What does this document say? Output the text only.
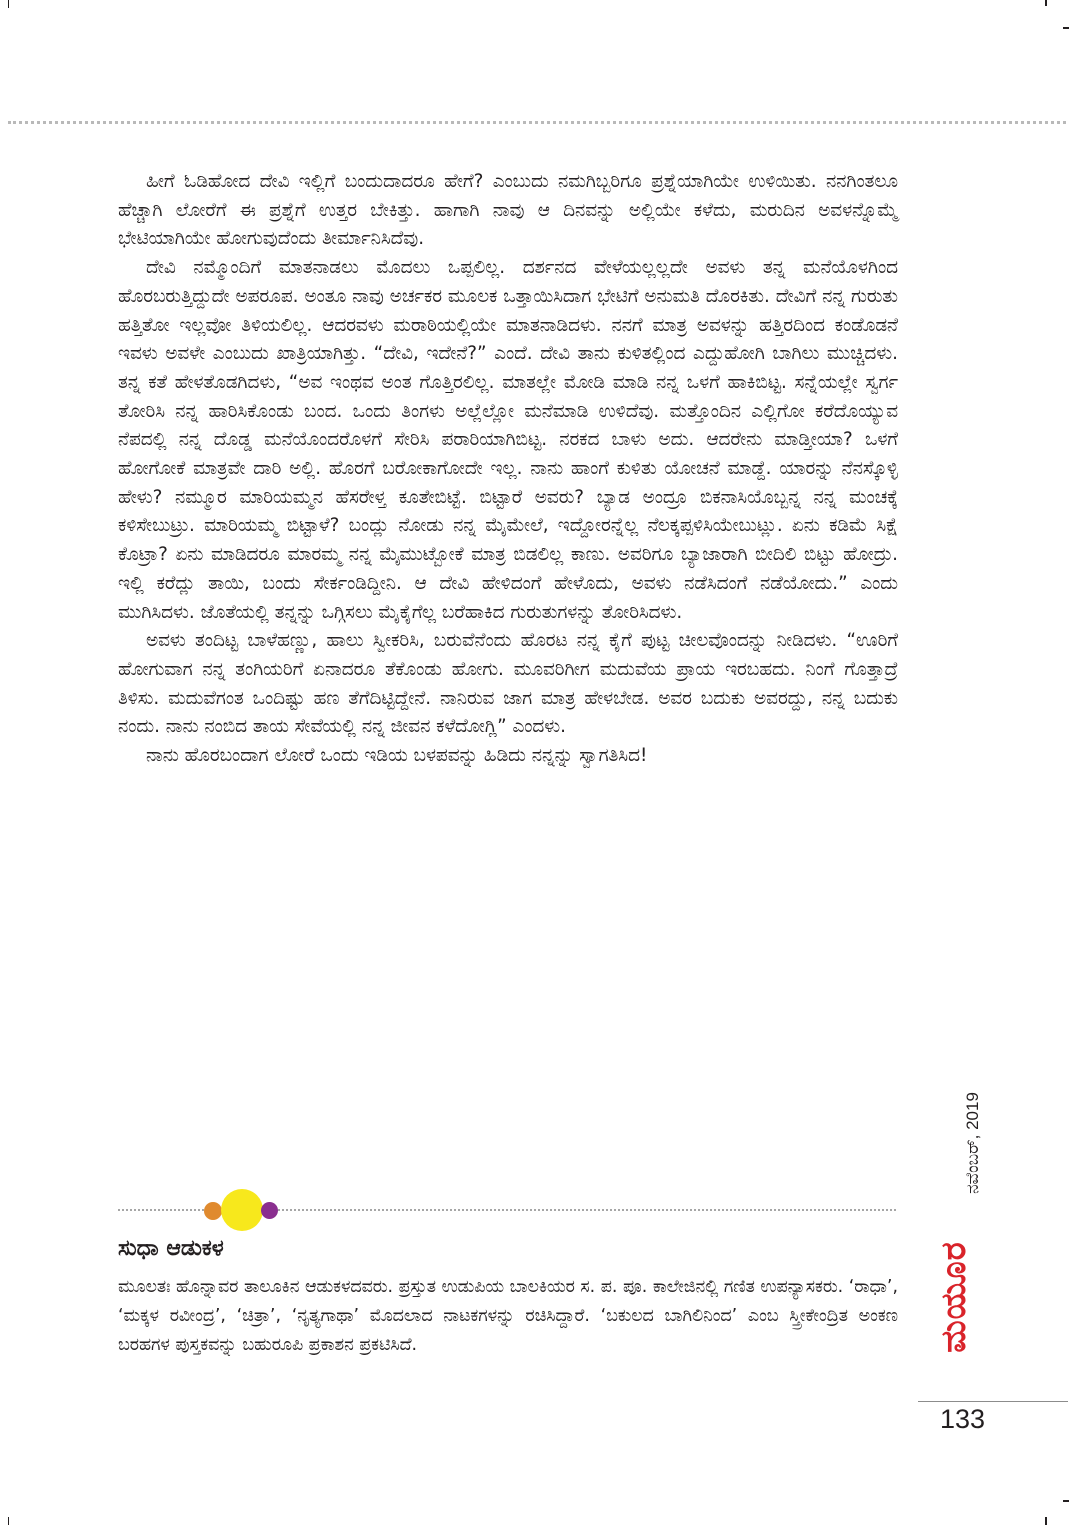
ಹೀಗೆ ಓಡಿಹೋದ ದೇವಿ ಇಲ್ಲಿಗೆ ಬಂದುದಾದರೂ ಹೇಗೆ? ಎಂಬುದು ನಮಗಿಬ್ಬರಿಗೂ ಪ್ರಶ್ನೆಯಾಗಿಯೇ ಉಳಿಯಿತು. ನನಗಿಂತಲೂ ಹೆಚ್ಚಾಗಿ ಲೋರೆಗೆ ಈ ಪ್ರಶ್ನೆಗೆ ಉತ್ತರ ಬೇಕಿತ್ತು. ಹಾಗಾಗಿ ನಾವು ಆ ದಿನವನ್ನು ಅಲ್ಲಿಯೇ ಕಳೆದು, ಮರುದಿನ ಅವಳನ್ನೊಮ್ಮೆ ಭೇಟಿಯಾಗಿಯೇ ಹೋಗುವುದೆಂದು ತೀರ್ಮಾನಿಸಿದೆವು.

ದೇವಿ ನಮ್ಮೊಂದಿಗೆ ಮಾತನಾಡಲು ಮೊದಲು ಒಪ್ಪಲಿಲ್ಲ. ದರ್ಶನದ ವೇಳೆಯಲ್ಲಲ್ಲದೇ ಅವಳು ತನ್ನ ಮನೆಯೊಳಗಿಂದ ಹೊರಬರುತ್ತಿದ್ದುದೇ ಅಪರೂಪ. ಅಂತೂ ನಾವು ಅರ್ಚಕರ ಮೂಲಕ ಒತ್ತಾಯಿಸಿದಾಗ ಭೇಟಿಗೆ ಅನುಮತಿ ದೊರಕಿತು. ದೇವಿಗೆ ನನ್ನ ಗುರುತು ಹತ್ತಿತೋ ಇಲ್ಲವೋ ತಿಳಿಯಲಿಲ್ಲ. ಆದರವಳು ಮರಾಠಿಯಲ್ಲಿಯೇ ಮಾತನಾಡಿದಳು. ನನಗೆ ಮಾತ್ರ ಅವಳನ್ನು ಹತ್ತಿರದಿಂದ ಕಂಡೊಡನೆ ಇವಳು ಅವಳೇ ಎಂಬುದು ಖಾತ್ರಿಯಾಗಿತ್ತು. “ದೇವಿ, ಇದೇನೆ?” ಎಂದೆ. ದೇವಿ ತಾನು ಕುಳಿತಲ್ಲಿಂದ ಎದ್ದುಹೋಗಿ ಬಾಗಿಲು ಮುಚ್ಚಿದಳು. ತನ್ನ ಕತೆ ಹೇಳತೊಡಗಿದಳು, “ಅವ ಇಂಥವ ಅಂತ ಗೊತ್ತಿರಲಿಲ್ಲ. ಮಾತಲ್ಲೇ ಮೋಡಿ ಮಾಡಿ ನನ್ನ ಒಳಗೆ ಹಾಕಿಬಿಟ್ಟ. ಸನ್ನೆಯಲ್ಲೇ ಸ್ವರ್ಗ ತೋರಿಸಿ ನನ್ನ ಹಾರಿಸಿಕೊಂಡು ಬಂದ. ಒಂದು ತಿಂಗಳು ಅಲ್ಲೆಲ್ಲೋ ಮನೆಮಾಡಿ ಉಳಿದೆವು. ಮತ್ತೊಂದಿನ ಎಲ್ಲಿಗೋ ಕರೆದೊಯ್ಯುವ ನೆಪದಲ್ಲಿ ನನ್ನ ದೊಡ್ಡ ಮನೆಯೊಂದರೊಳಗೆ ಸೇರಿಸಿ ಪರಾರಿಯಾಗಿಬಿಟ್ಟ. ನರಕದ ಬಾಳು ಅದು. ಆದರೇನು ಮಾಡ್ತೀಯಾ? ಒಳಗೆ ಹೋಗೋಕೆ ಮಾತ್ರವೇ ದಾರಿ ಅಲ್ಲಿ. ಹೊರಗೆ ಬರೋಕಾಗೋದೇ ಇಲ್ಲ. ನಾನು ಹಾಂಗೆ ಕುಳಿತು ಯೋಚನೆ ಮಾಡ್ದೆ. ಯಾರನ್ನು ನೆನಸ್ಕೊಳ್ಳಿ ಹೇಳು? ನಮ್ಮೂರ ಮಾರಿಯಮ್ಮನ ಹೆಸರೇಳ್ತ ಕೂತೇಬಿಟ್ಟೆ. ಬಿಟ್ಟಾರೆ ಅವರು? ಬ್ಯಾಡ ಅಂದ್ರೂ ಬಿಕನಾಸಿಯೊಬ್ಬನ್ನ ನನ್ನ ಮಂಚಕ್ಕೆ ಕಳಿಸೇಬುಟ್ರು. ಮಾರಿಯಮ್ಮ ಬಿಟ್ಟಾಳೆ? ಬಂದ್ಲು ನೋಡು ನನ್ನ ಮೈಮೇಲೆ, ಇದ್ದೋರನ್ನೆಲ್ಲ ನೆಲಕ್ಕಪ್ಪಳಿಸಿಯೇಬುಟ್ಲು. ಏನು ಕಡಿಮೆ ಸಿಕ್ಷೆ ಕೊಟ್ರಾ? ಏನು ಮಾಡಿದರೂ ಮಾರಮ್ಮ ನನ್ನ ಮೈಮುಟ್ಬೋಕೆ ಮಾತ್ರ ಬಿಡಲಿಲ್ಲ ಕಾಣು. ಅವರಿಗೂ ಬ್ಯಾಜಾರಾಗಿ ಬೀದಿಲಿ ಬಿಟ್ಟು ಹೋದ್ರು. ಇಲ್ಲಿ ಕರೆದ್ಲು ತಾಯಿ, ಬಂದು ಸೇರ್ಕಂಡಿದ್ದೀನಿ. ಆ ದೇವಿ ಹೇಳಿದಂಗೆ ಹೇಳೊದು, ಅವಳು ನಡೆಸಿದಂಗೆ ನಡೆಯೋದು.” ಎಂದು ಮುಗಿಸಿದಳು. ಜೊತೆಯಲ್ಲಿ ತನ್ನನ್ನು ಒಗ್ಗಿಸಲು ಮೈಕೈಗೆಲ್ಲ ಬರೆಹಾಕಿದ ಗುರುತುಗಳನ್ನು ತೋರಿಸಿದಳು.

ಅವಳು ತಂದಿಟ್ಟ ಬಾಳೆಹಣ್ಣು, ಹಾಲು ಸ್ವೀಕರಿಸಿ, ಬರುವೆನೆಂದು ಹೊರಟ ನನ್ನ ಕೈಗೆ ಪುಟ್ಟ ಚೀಲವೊಂದನ್ನು ನೀಡಿದಳು. “ಊರಿಗೆ ಹೋಗುವಾಗ ನನ್ನ ತಂಗಿಯರಿಗೆ ಏನಾದರೂ ತೆಕೊಂಡು ಹೋಗು. ಮೂವರಿಗೀಗ ಮದುವೆಯ ಪ್ರಾಯ ಇರಬಹದು. ನಿಂಗೆ ಗೊತ್ತಾದ್ರೆ ತಿಳಿಸು. ಮದುವೆಗಂತ ಒಂದಿಷ್ಟು ಹಣ ತೆಗೆದಿಟ್ಟಿದ್ದೇನೆ. ನಾನಿರುವ ಜಾಗ ಮಾತ್ರ ಹೇಳಬೇಡ. ಅವರ ಬದುಕು ಅವರದ್ದು, ನನ್ನ ಬದುಕು ನಂದು. ನಾನು ನಂಬಿದ ತಾಯ ಸೇವೆಯಲ್ಲಿ ನನ್ನ ಜೀವನ ಕಳೆದೋಗ್ಲಿ” ಎಂದಳು.

ನಾನು ಹೊರಬಂದಾಗ ಲೋರೆ ಒಂದು ಇಡಿಯ ಬಳಪವನ್ನು ಹಿಡಿದು ನನ್ನನ್ನು ಸ್ವಾಗತಿಸಿದ!

ಸುಧಾ ಆಡುಕಳ

ಮೂಲತಃ ಹೊನ್ನಾವರ ತಾಲೂಕಿನ ಆಡುಕಳದವರು. ಪ್ರಸ್ತುತ ಉಡುಪಿಯ ಬಾಲಕಿಯರ ಸ. ಪ. ಪೂ. ಕಾಲೇಜಿನಲ್ಲಿ ಗಣಿತ ಉಪನ್ಯಾಸಕರು. ‘ರಾಧಾ’, ‘ಮಕ್ಕಳ ರವೀಂದ್ರ’, ‘ಚಿತ್ರಾ’, ‘ನೃತ್ಯಗಾಥಾ’ ಮೊದಲಾದ ನಾಟಕಗಳನ್ನು ರಚಿಸಿದ್ದಾರೆ. ‘ಬಕುಲದ ಬಾಗಿಲಿನಿಂದ’ ಎಂಬ ಸ್ತ್ರೀಕೇಂದ್ರಿತ ಅಂಕಣ ಬರಹಗಳ ಪುಸ್ತಕವನ್ನು ಬಹುರೂಪಿ ಪ್ರಕಾಶನ ಪ್ರಕಟಿಸಿದೆ.

ನವೆಂಬರ್, 2019
ಮಯೂರ
133
